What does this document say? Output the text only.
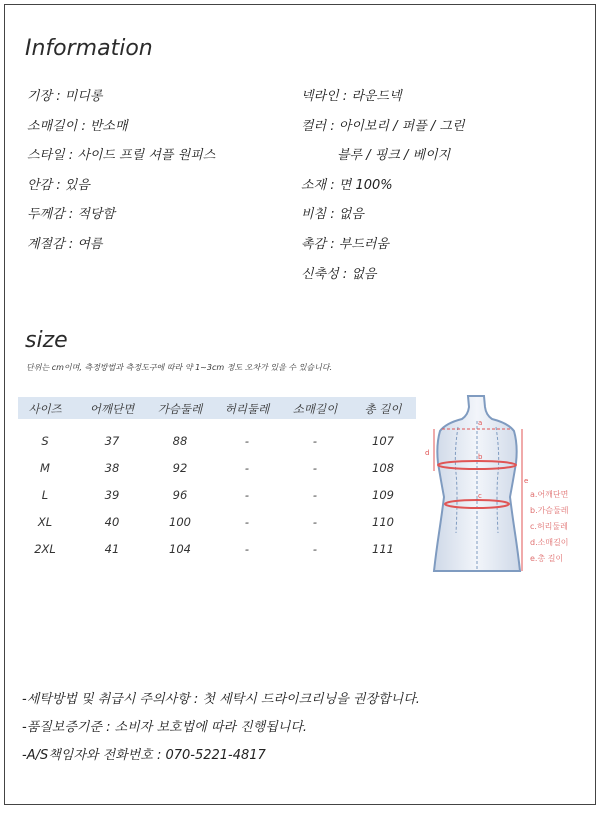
Information
기장 : 미디롱
소매길이 : 반소매
스타일 : 사이드 프릴 셔플 원피스
안감 : 있음
두께감 : 적당함
계절감 : 여름
넥라인 : 라운드넥
컬러 : 아이보리 / 퍼플 / 그린
블루 / 핑크 / 베이지
소재 : 면 100%
비침 : 없음
촉감 : 부드러움
신축성 : 없음
size
단위는 cm이며, 측정방법과 측정도구에 따라 약 1~3cm 정도 오차가 있을 수 있습니다.
사이즈 어깨단면 가슴둘레 허리둘레 소매길이 총 길이
S	37	88	-	-	107
M	38	92	-	-	108
L	39	96	-	-	109
XL	40	100	-	-	110
2XL	41	104	-	-	111
a
d	b
c
e
a.어깨단면
b.가슴둘레
c.허리둘레
d.소매길이
e.총 길이
-세탁방법 및 취급시 주의사항 : 첫 세탁시 드라이크리닝을 권장합니다.
-품질보증기준 : 소비자 보호법에 따라 진행됩니다.
-A/S책임자와 전화번호 : 070-5221-4817
